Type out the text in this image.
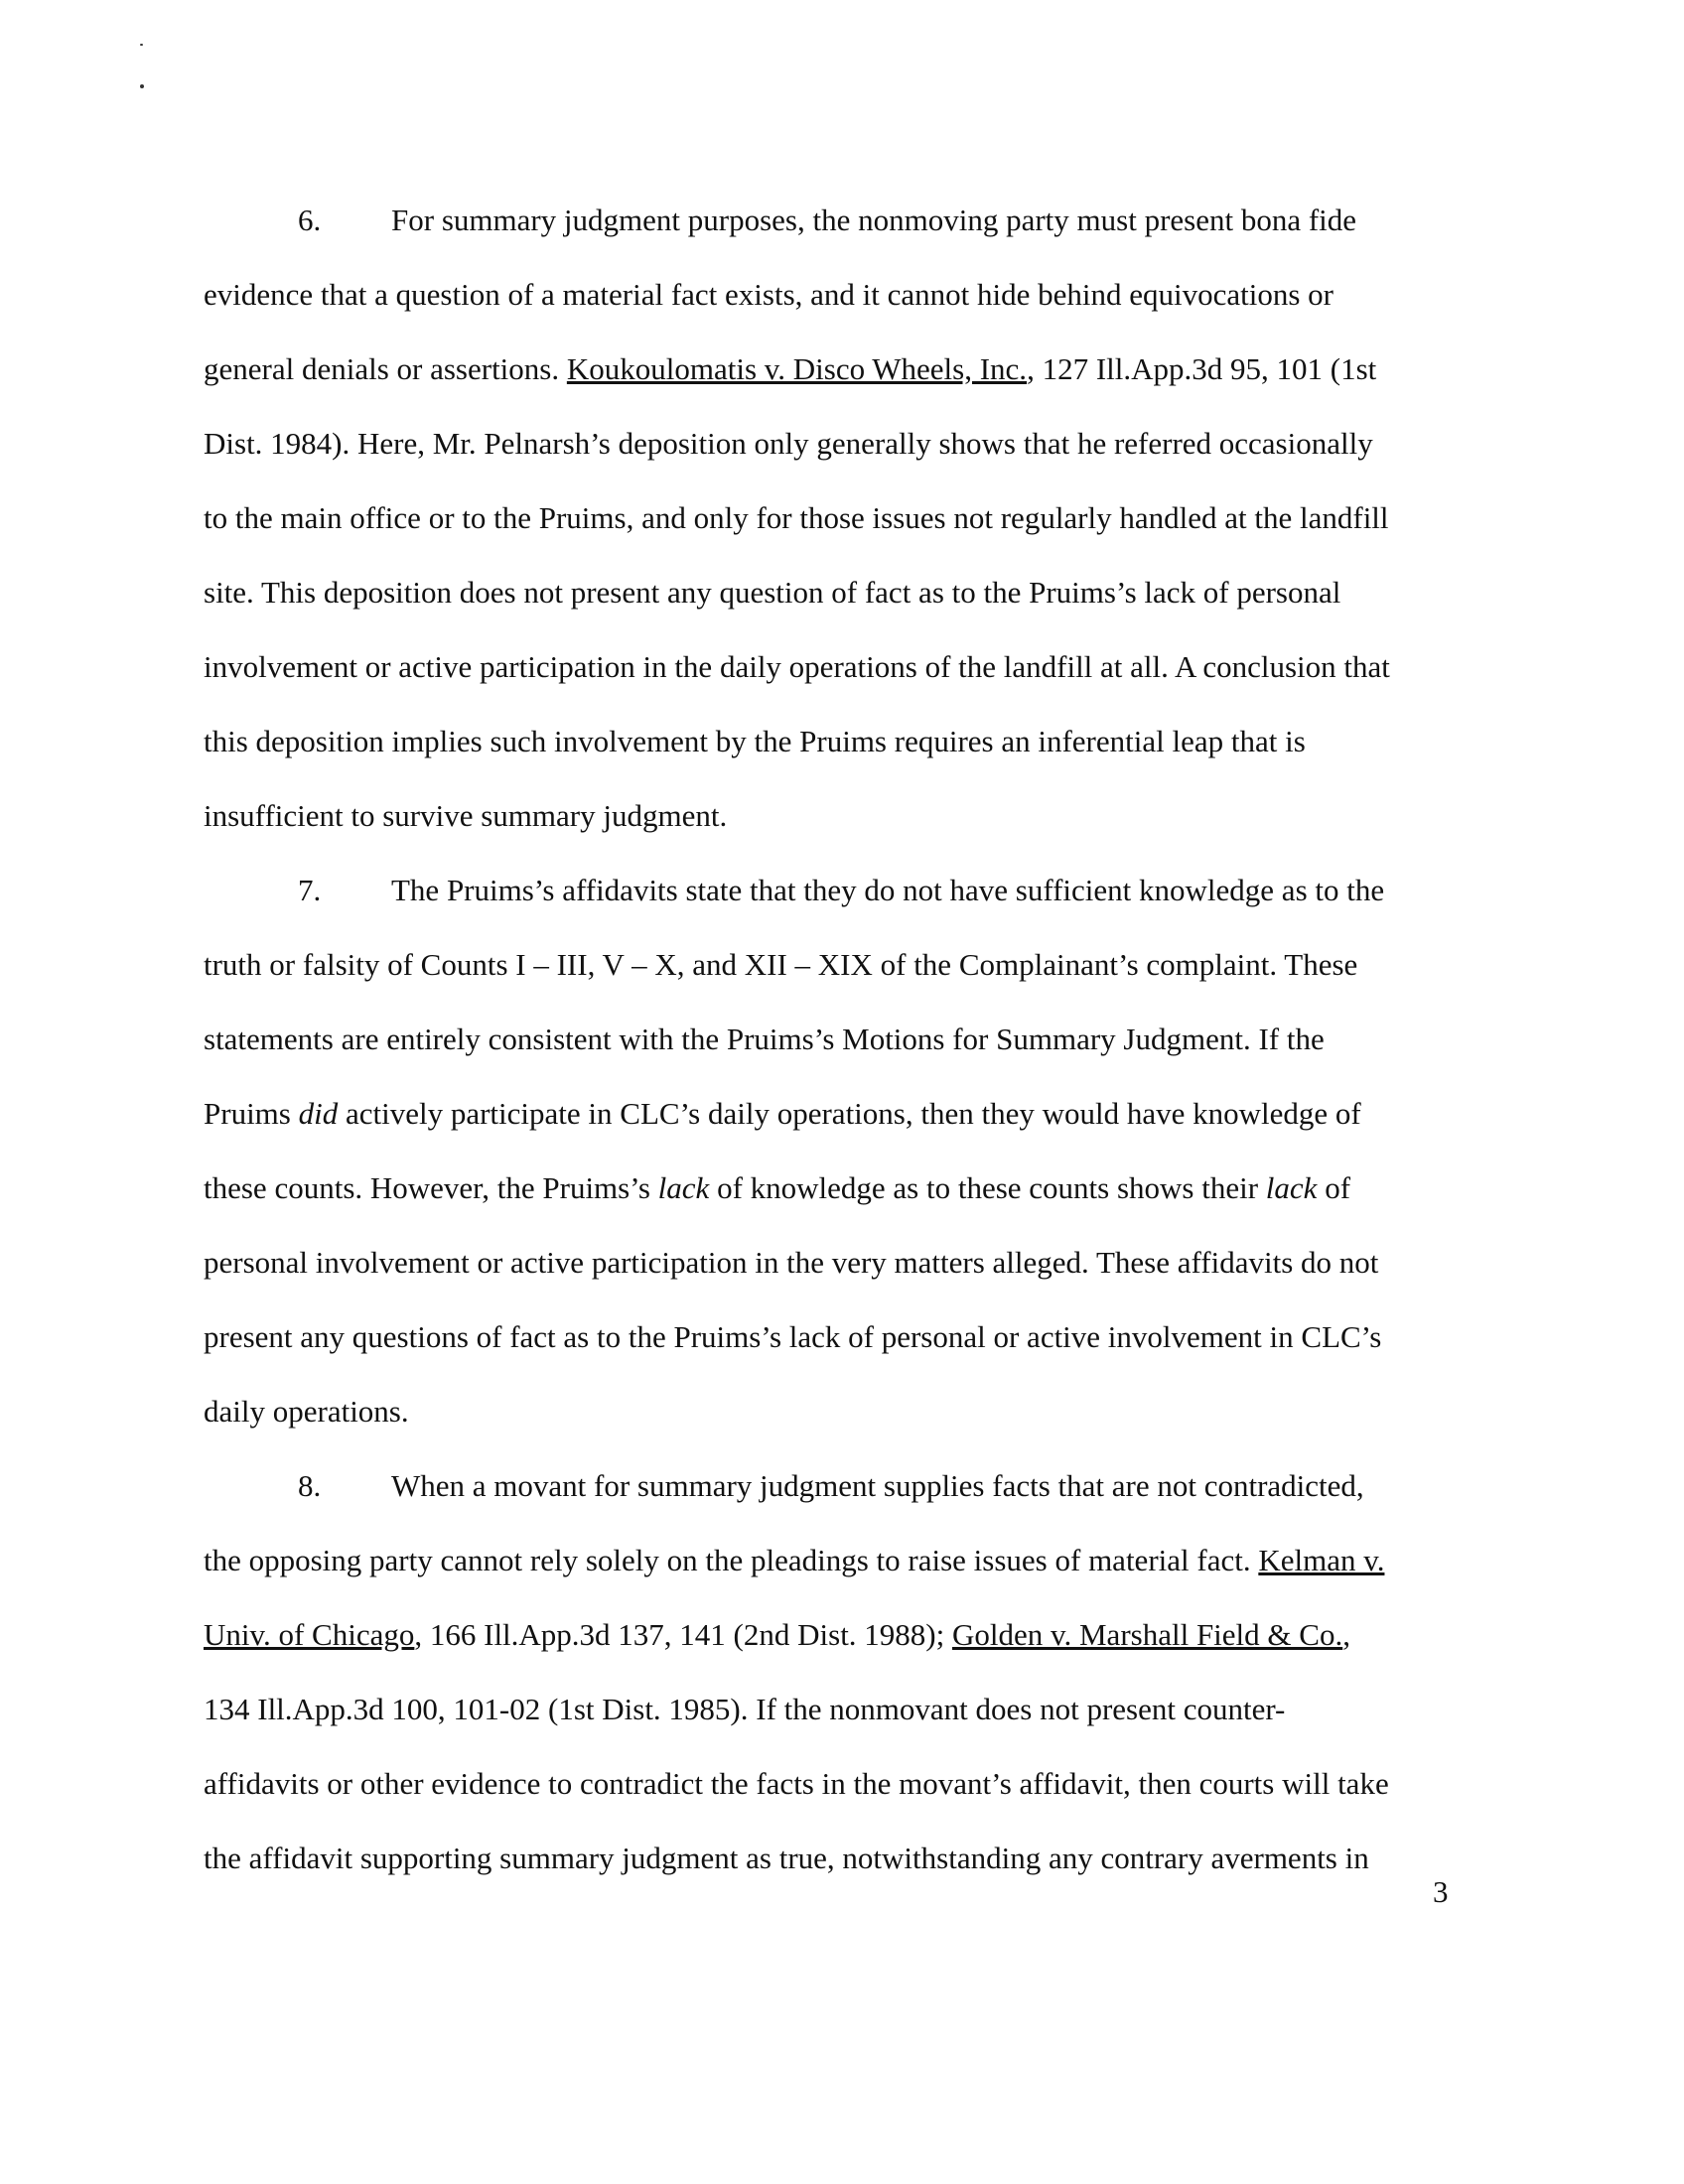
6. For summary judgment purposes, the nonmoving party must present bona fide
evidence that a question of a material fact exists, and it cannot hide behind equivocations or
general denials or assertions. Koukoulomatis v. Disco Wheels, Inc., 127 Ill.App.3d 95, 101 (1st
Dist. 1984). Here, Mr. Pelnarsh’s deposition only generally shows that he referred occasionally
to the main office or to the Pruims, and only for those issues not regularly handled at the landfill
site. This deposition does not present any question of fact as to the Pruims’s lack of personal
involvement or active participation in the daily operations of the landfill at all. A conclusion that
this deposition implies such involvement by the Pruims requires an inferential leap that is
insufficient to survive summary judgment.
7. The Pruims’s affidavits state that they do not have sufficient knowledge as to the
truth or falsity of Counts I – III, V – X, and XII – XIX of the Complainant’s complaint. These
statements are entirely consistent with the Pruims’s Motions for Summary Judgment. If the
Pruims did actively participate in CLC’s daily operations, then they would have knowledge of
these counts. However, the Pruims’s lack of knowledge as to these counts shows their lack of
personal involvement or active participation in the very matters alleged. These affidavits do not
present any questions of fact as to the Pruims’s lack of personal or active involvement in CLC’s
daily operations.
8. When a movant for summary judgment supplies facts that are not contradicted,
the opposing party cannot rely solely on the pleadings to raise issues of material fact. Kelman v.
Univ. of Chicago, 166 Ill.App.3d 137, 141 (2nd Dist. 1988); Golden v. Marshall Field & Co.,
134 Ill.App.3d 100, 101-02 (1st Dist. 1985). If the nonmovant does not present counter-
affidavits or other evidence to contradict the facts in the movant’s affidavit, then courts will take
the affidavit supporting summary judgment as true, notwithstanding any contrary averments in
3
